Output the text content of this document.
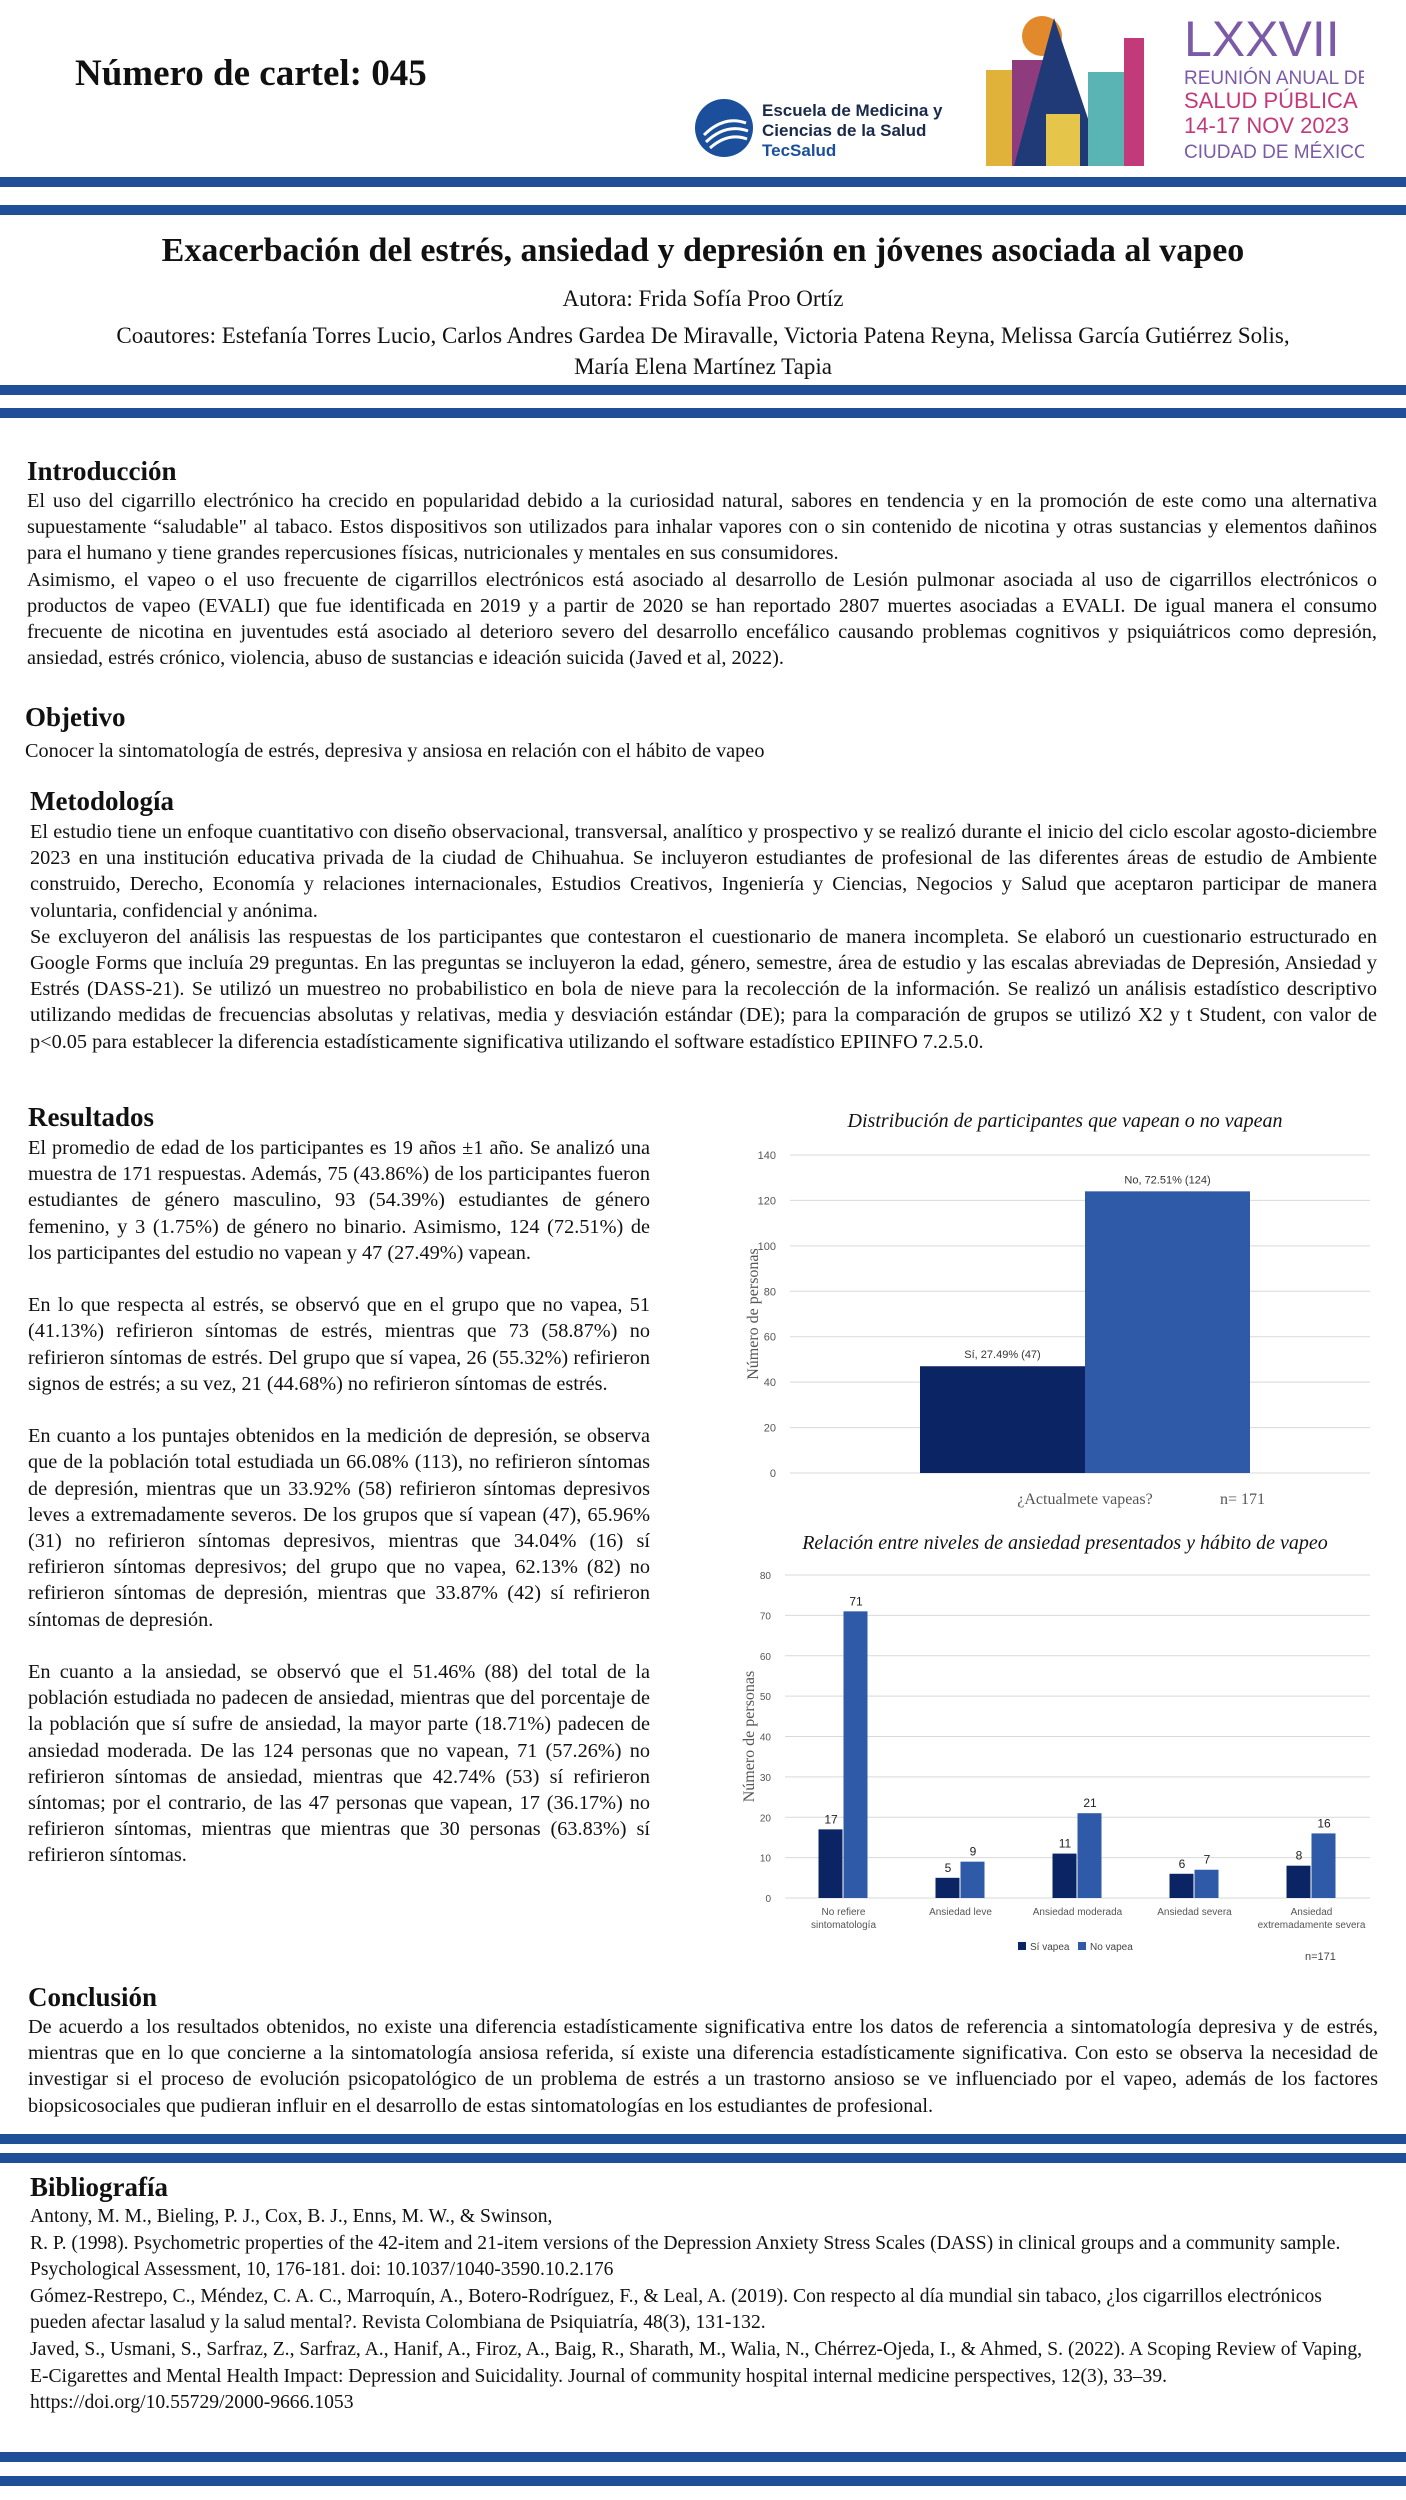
Número de cartel: 045
Escuela de Medicina y
Ciencias de la Salud
TecSalud
LXXVII
REUNIÓN ANUAL DE
SALUD PÚBLICA
14-17 NOV 2023
CIUDAD DE MÉXICO
Exacerbación del estrés, ansiedad y depresión en jóvenes asociada al vapeo
Autora: Frida Sofía Proo Ortíz
Coautores: Estefanía Torres Lucio, Carlos Andres Gardea De Miravalle, Victoria Patena Reyna, Melissa García Gutiérrez Solis, María Elena Martínez Tapia
Introducción

El uso del cigarrillo electrónico ha crecido en popularidad debido a la curiosidad natural, sabores en tendencia y en la promoción de este como una alternativa supuestamente “saludable" al tabaco. Estos dispositivos son utilizados para inhalar vapores con o sin contenido de nicotina y otras sustancias y elementos dañinos para el humano y tiene grandes repercusiones físicas, nutricionales y mentales en sus consumidores.

Asimismo, el vapeo o el uso frecuente de cigarrillos electrónicos está asociado al desarrollo de Lesión pulmonar asociada al uso de cigarrillos electrónicos o productos de vapeo (EVALI) que fue identificada en 2019 y a partir de 2020 se han reportado 2807 muertes asociadas a EVALI. De igual manera el consumo frecuente de nicotina en juventudes está asociado al deterioro severo del desarrollo encefálico causando problemas cognitivos y psiquiátricos como depresión, ansiedad, estrés crónico, violencia, abuso de sustancias e ideación suicida (Javed et al, 2022).

Objetivo
Conocer la sintomatología de estrés, depresiva y ansiosa en relación con el hábito de vapeo
Metodología

El estudio tiene un enfoque cuantitativo con diseño observacional, transversal, analítico y prospectivo y se realizó durante el inicio del ciclo escolar agosto-diciembre 2023 en una institución educativa privada de la ciudad de Chihuahua. Se incluyeron estudiantes de profesional de las diferentes áreas de estudio de Ambiente construido, Derecho, Economía y relaciones internacionales, Estudios Creativos, Ingeniería y Ciencias, Negocios y Salud que aceptaron participar de manera voluntaria, confidencial y anónima.

Se excluyeron del análisis las respuestas de los participantes que contestaron el cuestionario de manera incompleta. Se elaboró un cuestionario estructurado en Google Forms que incluía 29 preguntas. En las preguntas se incluyeron la edad, género, semestre, área de estudio y las escalas abreviadas de Depresión, Ansiedad y Estrés (DASS-21). Se utilizó un muestreo no probabilistico en bola de nieve para la recolección de la información. Se realizó un análisis estadístico descriptivo utilizando medidas de frecuencias absolutas y relativas, media y desviación estándar (DE); para la comparación de grupos se utilizó X2 y t Student, con valor de p<0.05 para establecer la diferencia estadísticamente significativa utilizando el software estadístico EPIINFO 7.2.5.0.

Resultados

El promedio de edad de los participantes es 19 años ±1 año. Se analizó una muestra de 171 respuestas. Además, 75 (43.86%) de los participantes fueron estudiantes de género masculino, 93 (54.39%) estudiantes de género femenino, y 3 (1.75%) de género no binario. Asimismo, 124 (72.51%) de los participantes del estudio no vapean y 47 (27.49%) vapean.

En lo que respecta al estrés, se observó que en el grupo que no vapea, 51 (41.13%) refirieron síntomas de estrés, mientras que 73 (58.87%) no refirieron síntomas de estrés. Del grupo que sí vapea, 26 (55.32%) refirieron signos de estrés; a su vez, 21 (44.68%) no refirieron síntomas de estrés.

En cuanto a los puntajes obtenidos en la medición de depresión, se observa que de la población total estudiada un 66.08% (113), no refirieron síntomas de depresión, mientras que un 33.92% (58) refirieron síntomas depresivos leves a extremadamente severos. De los grupos que sí vapean (47), 65.96% (31) no refirieron síntomas depresivos, mientras que 34.04% (16) sí refirieron síntomas depresivos; del grupo que no vapea, 62.13% (82) no refirieron síntomas de depresión, mientras que 33.87% (42) sí refirieron síntomas de depresión.

En cuanto a la ansiedad, se observó que el 51.46% (88) del total de la población estudiada no padecen de ansiedad, mientras que del porcentaje de la población que sí sufre de ansiedad, la mayor parte (18.71%) padecen de ansiedad moderada. De las 124 personas que no vapean, 71 (57.26%) no refirieron síntomas de ansiedad, mientras que 42.74% (53) sí refirieron síntomas; por el contrario, de las 47 personas que vapean, 17 (36.17%) no refirieron síntomas, mientras que mientras que 30 personas (63.83%) sí refirieron síntomas.

Distribución de participantes que vapean o no vapean
0
20
40
60
80
100
120
140
Sí, 27.49% (47)
No, 72.51% (124)
Número de personas
¿Actualmete vapeas?	n= 171
Relación entre niveles de ansiedad presentados y hábito de vapeo
0
10
20
30
40
50
60
70
80
17
71
No refiere
sintomatología
5
9
Ansiedad leve
11
21
Ansiedad moderada
6 7
Ansiedad severa
8
16
Ansiedad
extremadamente severa
Número de personas
Sí vapea No vapea
n=171
Conclusión
De acuerdo a los resultados obtenidos, no existe una diferencia estadísticamente significativa entre los datos de referencia a sintomatología depresiva y de estrés, mientras que en lo que concierne a la sintomatología ansiosa referida, sí existe una diferencia estadísticamente significativa. Con esto se observa la necesidad de investigar si el proceso de evolución psicopatológico de un problema de estrés a un trastorno ansioso se ve influenciado por el vapeo, además de los factores biopsicosociales que pudieran influir en el desarrollo de estas sintomatologías en los estudiantes de profesional.
Bibliografía
Antony, M. M., Bieling, P. J., Cox, B. J., Enns, M. W., & Swinson,
R. P. (1998). Psychometric properties of the 42-item and 21-item versions of the Depression Anxiety Stress Scales (DASS) in clinical groups and a community sample. Psychological Assessment, 10, 176-181. doi: 10.1037/1040-3590.10.2.176
Gómez-Restrepo, C., Méndez, C. A. C., Marroquín, A., Botero-Rodríguez, F., & Leal, A. (2019). Con respecto al día mundial sin tabaco, ¿los cigarrillos electrónicos pueden afectar lasalud y la salud mental?. Revista Colombiana de Psiquiatría, 48(3), 131-132.
Javed, S., Usmani, S., Sarfraz, Z., Sarfraz, A., Hanif, A., Firoz, A., Baig, R., Sharath, M., Walia, N., Chérrez-Ojeda, I., & Ahmed, S. (2022). A Scoping Review of Vaping, E-Cigarettes and Mental Health Impact: Depression and Suicidality. Journal of community hospital internal medicine perspectives, 12(3), 33–39. https://doi.org/10.55729/2000-9666.1053
